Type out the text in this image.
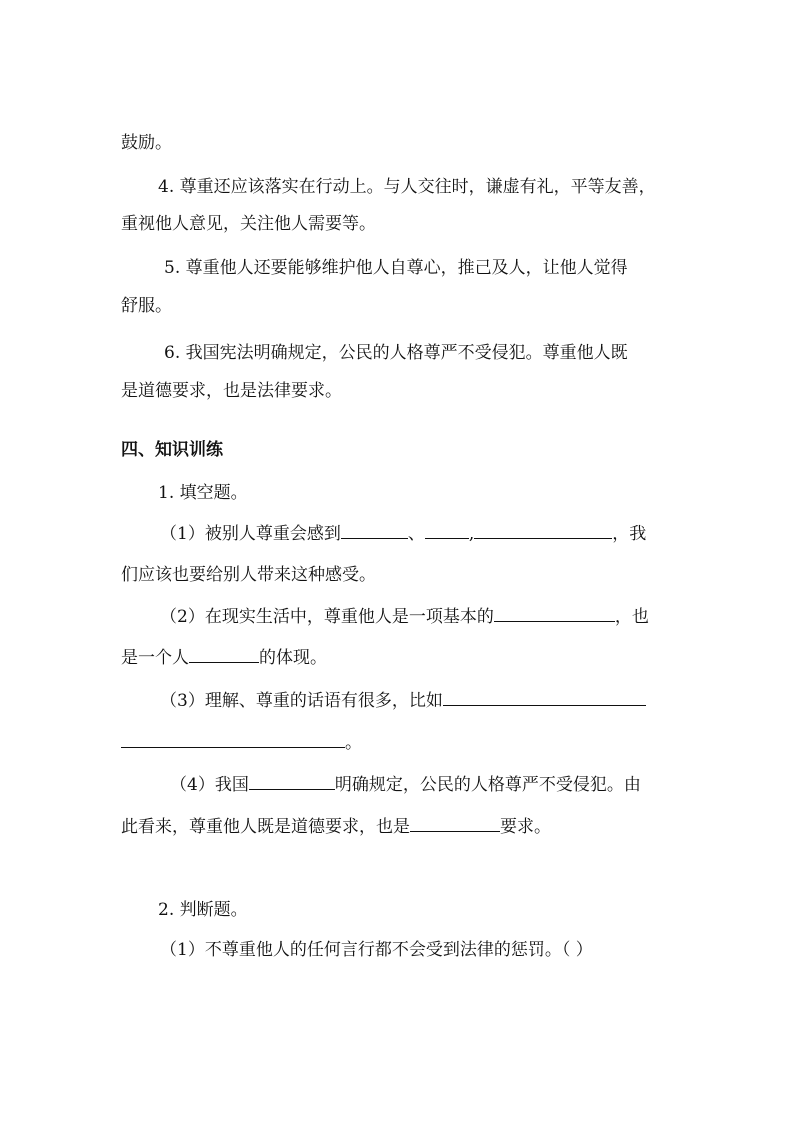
鼓励。
4. 尊重还应该落实在行动上。与人交往时，谦虚有礼，平等友善，
重视他人意见，关注他人需要等。
5. 尊重他人还要能够维护他人自尊心，推己及人，让他人觉得
舒服。
6. 我国宪法明确规定，公民的人格尊严不受侵犯。尊重他人既
是道德要求，也是法律要求。
四、知识训练
1. 填空题。
（1）被别人尊重会感到	、	,	，我
们应该也要给别人带来这种感受。
（2）在现实生活中，尊重他人是一项基本的	，也
是一个人	的体现。
（3）理解、尊重的话语有很多，比如
。
（4）我国	明确规定，公民的人格尊严不受侵犯。由
此看来，尊重他人既是道德要求，也是	要求。
2. 判断题。
（1）不尊重他人的任何言行都不会受到法律的惩罚。（ ）
